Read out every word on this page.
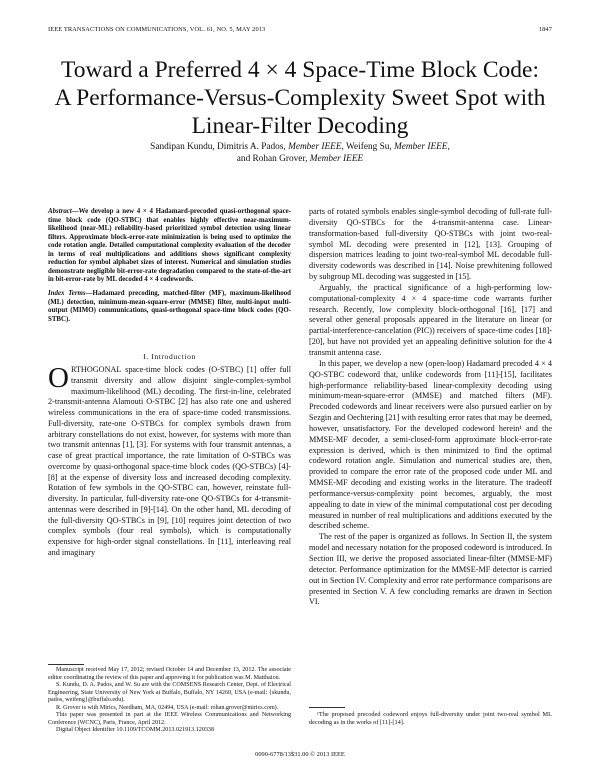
IEEE TRANSACTIONS ON COMMUNICATIONS, VOL. 61, NO. 5, MAY 2013	1847
Toward a Preferred 4 × 4 Space-Time Block Code:
A Performance-Versus-Complexity Sweet Spot with
Linear-Filter Decoding
Sandipan Kundu, Dimitris A. Pados, Member IEEE, Weifeng Su, Member IEEE,
and Rohan Grover, Member IEEE
Abstract—We develop a new 4 × 4 Hadamard-precoded quasi-orthogonal space-time block code (QO-STBC) that enables highly effective near-maximum-likelihood (near-ML) reliability-based prioritized symbol detection using linear filters. Approximate block-error-rate minimization is being used to optimize the code rotation angle. Detailed computational complexity evaluation of the decoder in terms of real multiplications and additions shows significant complexity reduction for symbol alphabet sizes of interest. Numerical and simulation studies demonstrate negligible bit-error-rate degradation compared to the state-of-the-art in bit-error-rate by ML decoded 4 × 4 codewords.
Index Terms—Hadamard precoding, matched-filter (MF), maximum-likelihood (ML) detection, minimum-mean-square-error (MMSE) filter, multi-input multi-output (MIMO) communications, quasi-orthogonal space-time block codes (QO-STBC).
I. Introduction
ORTHOGONAL space-time block codes (O-STBC) [1] offer full transmit diversity and allow disjoint single-complex-symbol maximum-likelihood (ML) decoding. The first-in-line, celebrated 2-transmit-antenna Alamouti O-STBC [2] has also rate one and ushered wireless communications in the era of space-time coded transmissions. Full-diversity, rate-one O-STBCs for complex symbols drawn from arbitrary constellations do not exist, however, for systems with more than two transmit antennas [1], [3]. For systems with four transmit antennas, a case of great practical importance, the rate limitation of O-STBCs was overcome by quasi-orthogonal space-time block codes (QO-STBCs) [4]-[8] at the expense of diversity loss and increased decoding complexity. Rotation of few symbols in the QO-STBC can, however, reinstate full-diversity. In particular, full-diversity rate-one QO-STBCs for 4-transmit-antennas were described in [9]-[14]. On the other hand, ML decoding of the full-diversity QO-STBCs in [9], [10] requires joint detection of two complex symbols (four real symbols), which is computationally expensive for high-order signal constellations. In [11], interleaving real and imaginary

parts of rotated symbols enables single-symbol decoding of full-rate full-diversity QO-STBCs for the 4-transmit-antenna case. Linear-transformation-based full-diversity QO-STBCs with joint two-real-symbol ML decoding were presented in [12], [13]. Grouping of dispersion matrices leading to joint two-real-symbol ML decodable full-diversity codewords was described in [14]. Noise prewhitening followed by subgroup ML decoding was suggested in [15].

Arguably, the practical significance of a high-performing low-computational-complexity 4 × 4 space-time code warrants further research. Recently, low complexity block-orthogonal [16], [17] and several other general proposals appeared in the literature on linear (or partial-interference-cancelation (PIC)) receivers of space-time codes [18]-[20], but have not provided yet an appealing definitive solution for the 4 transmit antenna case.

In this paper, we develop a new (open-loop) Hadamard precoded 4 × 4 QO-STBC codeword that, unlike codewords from [11]-[15], facilitates high-performance reliability-based linear-complexity decoding using minimum-mean-square-error (MMSE) and matched filters (MF). Precoded codewords and linear receivers were also pursued earlier on by Sezgin and Oechtering [21] with resulting error rates that may be deemed, however, unsatisfactory. For the developed codeword herein¹ and the MMSE-MF decoder, a semi-closed-form approximate block-error-rate expression is derived, which is then minimized to find the optimal codeword rotation angle. Simulation and numerical studies are, then, provided to compare the error rate of the proposed code under ML and MMSE-MF decoding and existing works in the literature. The tradeoff performance-versus-complexity point becomes, arguably, the most appealing to date in view of the minimal computational cost per decoding measured in number of real multiplications and additions executed by the described scheme.

The rest of the paper is organized as follows. In Section II, the system model and necessary notation for the proposed codeword is introduced. In Section III, we derive the proposed associated linear-filter (MMSE-MF) detector. Performance optimization for the MMSE-MF detector is carried out in Section IV. Complexity and error rate performance comparisons are presented in Section V. A few concluding remarks are drawn in Section VI.

Manuscript received May 17, 2012; revised October 14 and December 13, 2012. The associate editor coordinating the review of this paper and approving it for publication was M. Matthaiou.

S. Kundu, D. A. Pados, and W. Su are with the COMSENS Research Center, Dept. of Electrical Engineering, State University of New York at Buffalo, Buffalo, NY 14260, USA (e-mail: {skundu, pados, weifeng}@buffalo.edu).

R. Grover is with Mirics, Needham, MA, 02494, USA (e-mail: rohan.grover@mirics.com).

This paper was presented in part at the IEEE Wireless Communications and Networking Conference (WCNC), Paris, France, April 2012.

Digital Object Identifier 10.1109/TCOMM.2013.021913.120338

¹The proposed precoded codeword enjoys full-diversity under joint two-real symbol ML decoding as in the works of [11]-[14].
0090-6778/13$31.00 © 2013 IEEE
